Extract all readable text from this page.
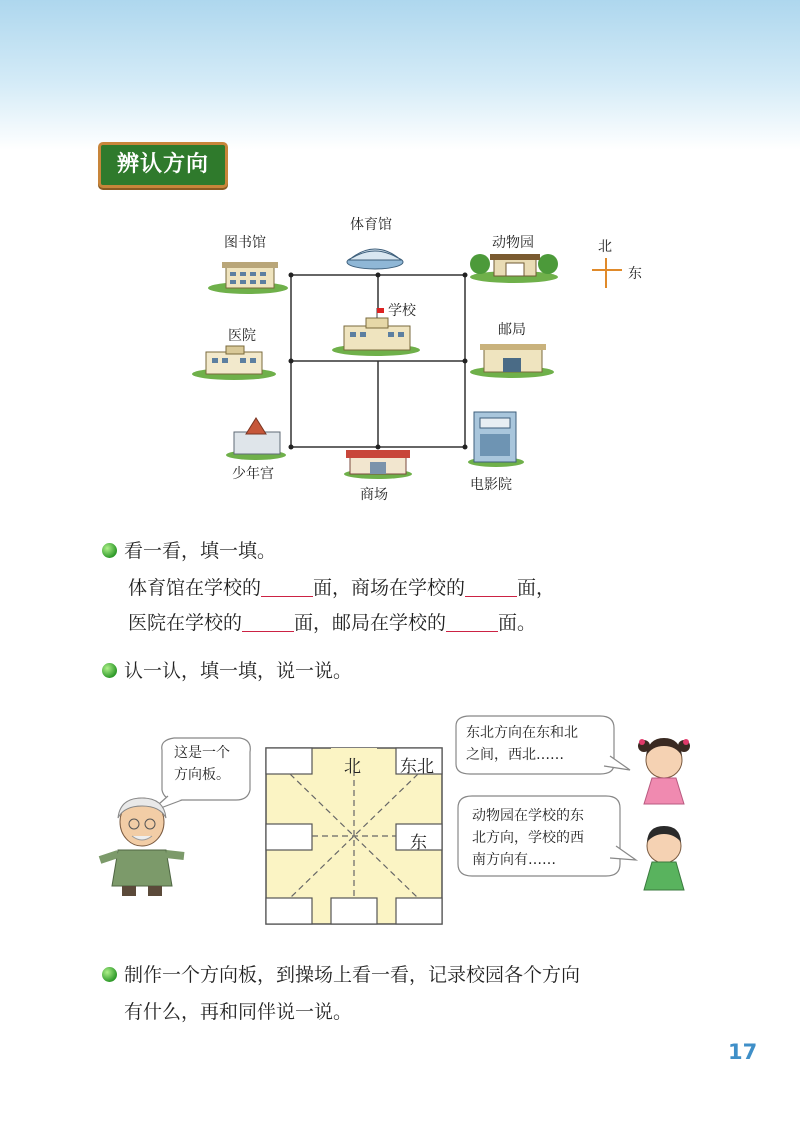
辨认方向
图书馆
体育馆
动物园
医院
学校
邮局
少年宫
商场
电影院
北
东
看一看，填一填。
体育馆在学校的	面，商场在学校的	面，
医院在学校的	面，邮局在学校的	面。
认一认，填一填，说一说。
这是一个
方向板。	北 东北
东
东北方向在东和北
之间，西北……
动物园在学校的东
北方向，学校的西
南方向有……
制作一个方向板，到操场上看一看，记录校园各个方向
有什么，再和同伴说一说。
17
